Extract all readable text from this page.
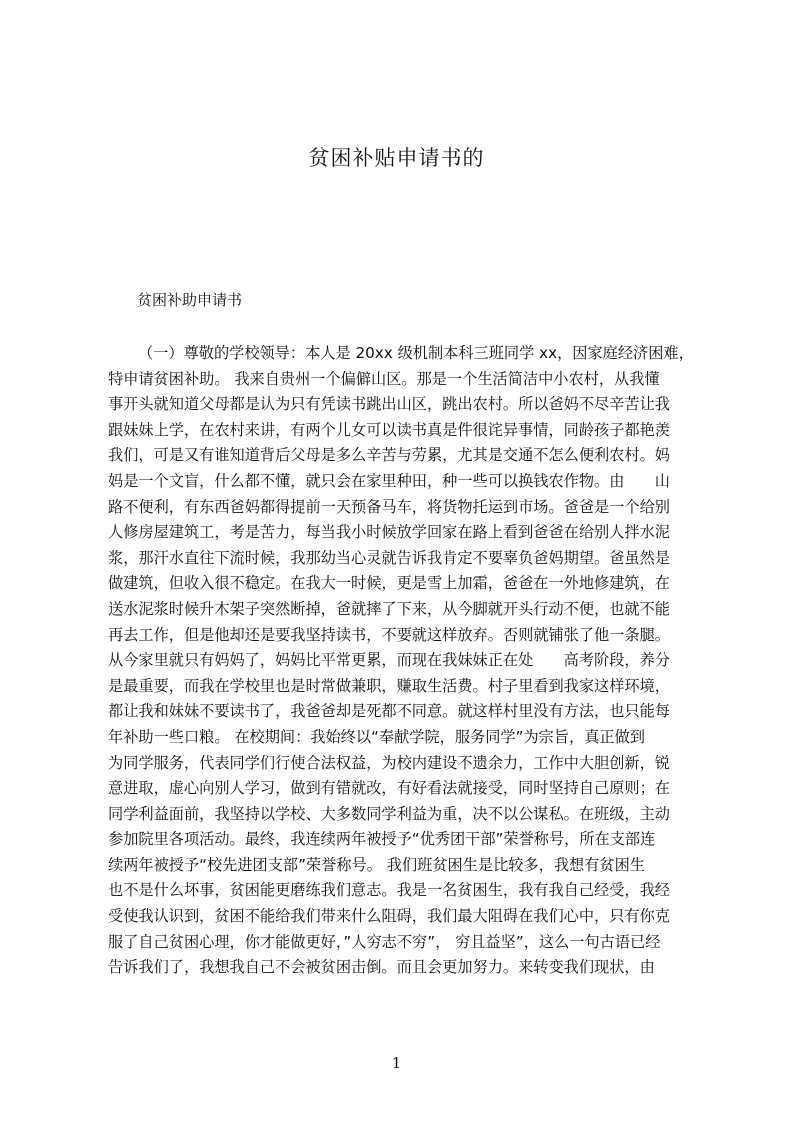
贫困补贴申请书的
贫困补助申请书
（一）尊敬的学校领导：本人是 20xx 级机制本科三班同学 xx，因家庭经济困难，
特申请贫困补助。 我来自贵州一个偏僻山区。那是一个生活简洁中小农村，从我懂
事开头就知道父母都是认为只有凭读书跳出山区，跳出农村。所以爸妈不尽辛苦让我
跟妹妹上学，在农村来讲，有两个儿女可以读书真是件很诧异事情，同龄孩子都艳羡
我们，可是又有谁知道背后父母是多么辛苦与劳累，尤其是交通不怎么便利农村。妈
妈是一个文盲，什么都不懂，就只会在家里种田，种一些可以换钱农作物。由　　山
路不便利，有东西爸妈都得提前一天预备马车，将货物托运到市场。爸爸是一个给别
人修房屋建筑工，考是苦力，每当我小时候放学回家在路上看到爸爸在给别人拌水泥
浆，那汗水直往下流时候，我那幼当心灵就告诉我肯定不要辜负爸妈期望。爸虽然是
做建筑，但收入很不稳定。在我大一时候，更是雪上加霜，爸爸在一外地修建筑，在
送水泥浆时候升木架子突然断掉，爸就摔了下来，从今脚就开头行动不便，也就不能
再去工作，但是他却还是要我坚持读书，不要就这样放弃。否则就铺张了他一条腿。
从今家里就只有妈妈了，妈妈比平常更累，而现在我妹妹正在处　　高考阶段，养分
是最重要，而我在学校里也是时常做兼职，赚取生活费。村子里看到我家这样环境，
都让我和妹妹不要读书了，我爸爸却是死都不同意。就这样村里没有方法，也只能每
年补助一些口粮。 在校期间：我始终以“奉献学院，服务同学”为宗旨，真正做到
为同学服务，代表同学们行使合法权益，为校内建设不遗余力，工作中大胆创新，锐
意进取，虚心向别人学习，做到有错就改，有好看法就接受，同时坚持自己原则；在
同学利益面前，我坚持以学校、大多数同学利益为重，决不以公谋私。在班级，主动
参加院里各项活动。最终，我连续两年被授予“优秀团干部”荣誉称号，所在支部连
续两年被授予“校先进团支部”荣誉称号。 我们班贫困生是比较多，我想有贫困生
也不是什么坏事，贫困能更磨练我们意志。我是一名贫困生，我有我自己经受，我经
受使我认识到，贫困不能给我们带来什么阻碍，我们最大阻碍在我们心中，只有你克
服了自己贫困心理，你才能做更好，”人穷志不穷”， 穷且益坚”，这么一句古语已经
告诉我们了，我想我自己不会被贫困击倒。而且会更加努力。来转变我们现状，由
1
